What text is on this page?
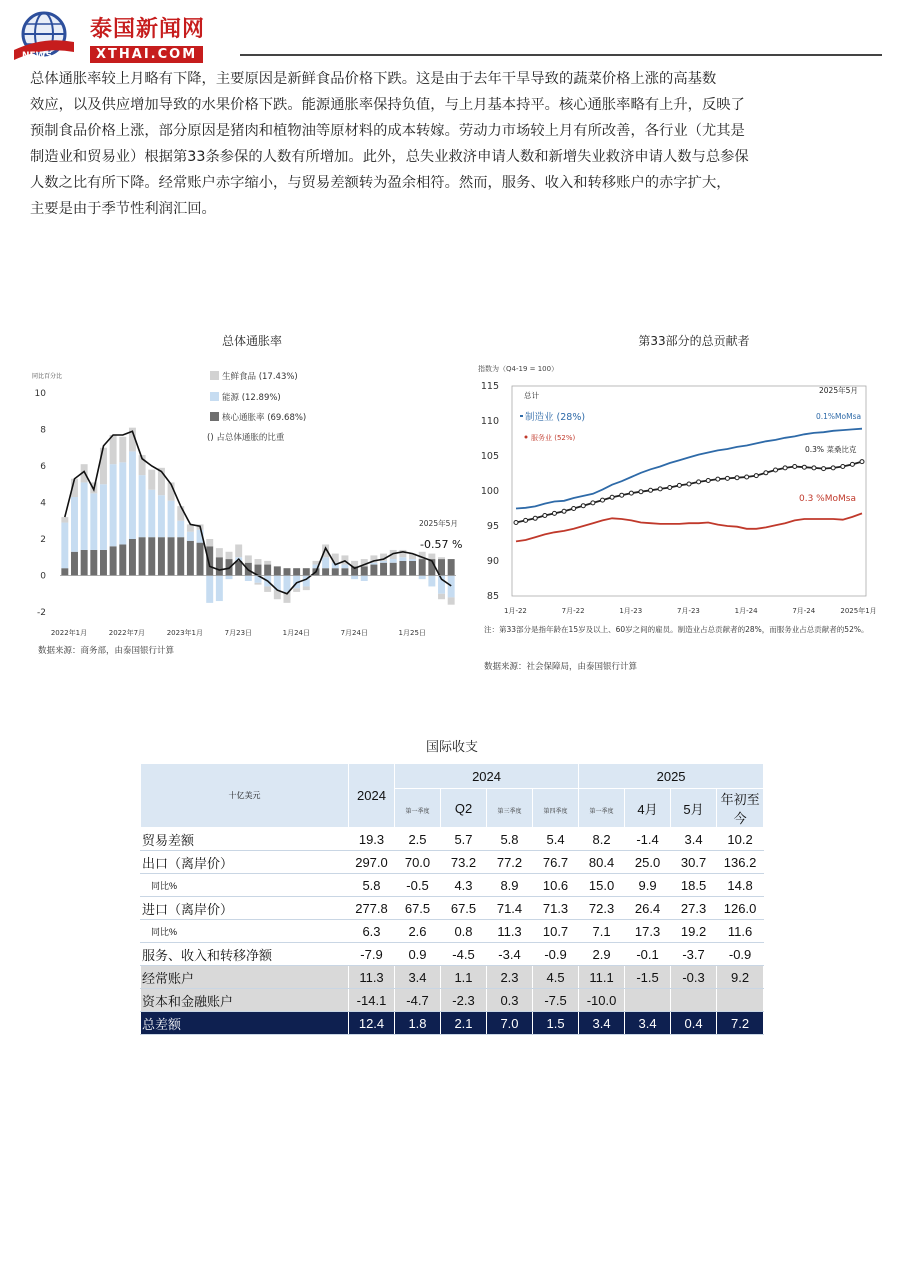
NEWS
泰国新闻网
XTHAI.COM
总体通胀率较上月略有下降，主要原因是新鲜食品价格下跌。这是由于去年干旱导致的蔬菜价格上涨的高基数
效应，以及供应增加导致的水果价格下跌。能源通胀率保持负值，与上月基本持平。核心通胀率略有上升，反映了
预制食品价格上涨，部分原因是猪肉和植物油等原材料的成本转嫁。劳动力市场较上月有所改善，各行业（尤其是
制造业和贸易业）根据第33条参保的人数有所增加。此外，总失业救济申请人数和新增失业救济申请人数与总参保
人数之比有所下降。经常账户赤字缩小，与贸易差额转为盈余相符。然而，服务、收入和转移账户的赤字扩大，
主要是由于季节性利润汇回。
总体通胀率
同比百分比
-2
0
2
4
6
8
10
2022年1月	2022年7月	2023年1月	7月23日	1月24日	7月24日	1月25日
生鲜食品 (17.43%)
能源 (12.89%)
核心通胀率 (69.68%)
() 占总体通胀的比重
2025年5月
-0.57 %
数据来源：商务部，由泰国银行计算
第33部分的总贡献者
指数为（Q4-19 = 100）
85
90
95
100
105
110
115
1月-22	7月-22	1月-23	7月-23	1月-24	7月-24	2025年1月
总计
制造业 (28%)
服务业 (52%)
2025年5月
0.1%MoMsa
0.3% 菜桑比克
0.3 %MoMsa
注：第33部分是指年龄在15岁及以上、60岁之间的雇员。制造业占总贡献者的28%，而服务业占总贡献者的52%。
数据来源：社会保障局，由泰国银行计算
国际收支
十亿美元	2024	2024				2025			
		第一季度	Q2	第三季度	第四季度	第一季度	4月	5月	年初至今
贸易差额	19.3	2.5	5.7	5.8	5.4	8.2	-1.4	3.4	10.2
出口（离岸价）	297.0	70.0	73.2	77.2	76.7	80.4	25.0	30.7	136.2
同比%	5.8	-0.5	4.3	8.9	10.6	15.0	9.9	18.5	14.8
进口（离岸价）	277.8	67.5	67.5	71.4	71.3	72.3	26.4	27.3	126.0
同比%	6.3	2.6	0.8	11.3	10.7	7.1	17.3	19.2	11.6
服务、收入和转移净额	-7.9	0.9	-4.5	-3.4	-0.9	2.9	-0.1	-3.7	-0.9
经常账户	11.3	3.4	1.1	2.3	4.5	11.1	-1.5	-0.3	9.2
资本和金融账户	-14.1	-4.7	-2.3	0.3	-7.5	-10.0			
总差额	12.4	1.8	2.1	7.0	1.5	3.4	3.4	0.4	7.2
